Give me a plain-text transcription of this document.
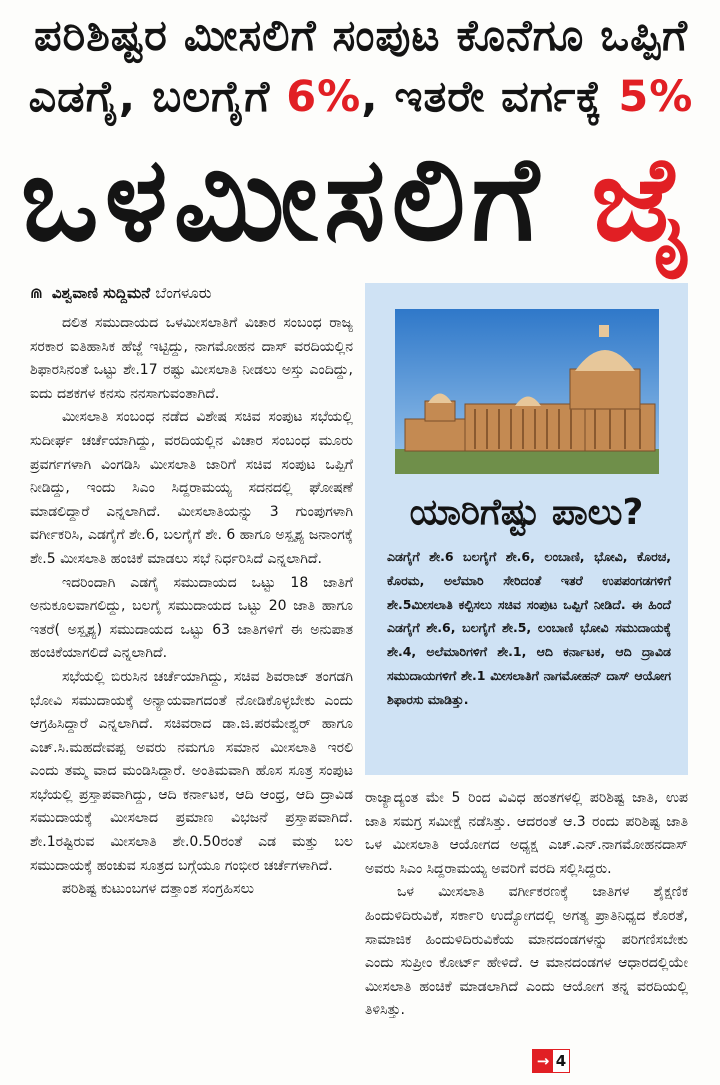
ಪರಿಶಿಷ್ಟರ ಮೀಸಲಿಗೆ ಸಂಪುಟ ಕೊನೆಗೂ ಒಪ್ಪಿಗೆ
ಎಡಗೈ, ಬಲಗೈಗೆ 6%, ಇತರೇ ವರ್ಗಕ್ಕೆ 5%
ಒಳಮೀಸಲಿಗೆ ಜೈ
⋒ ವಿಶ್ವವಾಣಿ ಸುದ್ದಿಮನೆ ಬೆಂಗಳೂರು

ದಲಿತ ಸಮುದಾಯದ ಒಳಮೀಸಲಾತಿಗೆ ವಿಚಾರ ಸಂಬಂಧ ರಾಜ್ಯ ಸರಕಾರ ಐತಿಹಾಸಿಕ ಹೆಜ್ಜೆ ಇಟ್ಟಿದ್ದು, ನಾಗಮೋಹನ ದಾಸ್ ವರದಿಯಲ್ಲಿನ ಶಿಫಾರಸಿನಂತೆ ಒಟ್ಟು ಶೇ.17 ರಷ್ಟು ಮೀಸಲಾತಿ ನೀಡಲು ಅಸ್ತು ಎಂದಿದ್ದು, ಐದು ದಶಕಗಳ ಕನಸು ನನಸಾಗುವಂತಾಗಿದೆ.

ಮೀಸಲಾತಿ ಸಂಬಂಧ ನಡೆದ ವಿಶೇಷ ಸಚಿವ ಸಂಪುಟ ಸಭೆಯಲ್ಲಿ ಸುದೀರ್ಘ ಚರ್ಚೆಯಾಗಿದ್ದು, ವರದಿಯಲ್ಲಿನ ವಿಚಾರ ಸಂಬಂಧ ಮೂರು ಪ್ರವರ್ಗಗಳಾಗಿ ವಿಂಗಡಿಸಿ ಮೀಸಲಾತಿ ಜಾರಿಗೆ ಸಚಿವ ಸಂಪುಟ ಒಪ್ಪಿಗೆ ನೀಡಿದ್ದು, ಇಂದು ಸಿಎಂ ಸಿದ್ದರಾಮಯ್ಯ ಸದನದಲ್ಲಿ ಘೋಷಣೆ ಮಾಡಲಿದ್ದಾರೆ ಎನ್ನಲಾಗಿದೆ. ಮೀಸಲಾತಿಯನ್ನು 3 ಗುಂಪುಗಳಾಗಿ ವರ್ಗೀಕರಿಸಿ, ಎಡಗೈಗೆ ಶೇ.6, ಬಲಗೈಗೆ ಶೇ. 6 ಹಾಗೂ ಅಸ್ಪೃಶ್ಯ ಜನಾಂಗಕ್ಕೆ ಶೇ.5 ಮೀಸಲಾತಿ ಹಂಚಿಕೆ ಮಾಡಲು ಸಭೆ ನಿರ್ಧರಿಸಿದೆ ಎನ್ನಲಾಗಿದೆ.

ಇದರಿಂದಾಗಿ ಎಡಗೈ ಸಮುದಾಯದ ಒಟ್ಟು 18 ಜಾತಿಗೆ ಅನುಕೂಲವಾಗಲಿದ್ದು, ಬಲಗೈ ಸಮುದಾಯದ ಒಟ್ಟು 20 ಜಾತಿ ಹಾಗೂ ಇತರೆ( ಅಸ್ಪೃಶ್ಯ) ಸಮುದಾಯದ ಒಟ್ಟು 63 ಜಾತಿಗಳಿಗೆ ಈ ಅನುಪಾತ ಹಂಚಿಕೆಯಾಗಲಿದೆ ಎನ್ನಲಾಗಿದೆ.

ಸಭೆಯಲ್ಲಿ ಬಿರುಸಿನ ಚರ್ಚೆಯಾಗಿದ್ದು, ಸಚಿವ ಶಿವರಾಜ್ ತಂಗಡಗಿ ಭೋವಿ ಸಮುದಾಯಕ್ಕೆ ಅನ್ಯಾಯವಾಗದಂತೆ ನೋಡಿಕೊಳ್ಳಬೇಕು ಎಂದು ಆಗ್ರಹಿಸಿದ್ದಾರೆ ಎನ್ನಲಾಗಿದೆ. ಸಚಿವರಾದ ಡಾ.ಜಿ.ಪರಮೇಶ್ವರ್ ಹಾಗೂ ಎಚ್.ಸಿ.ಮಹದೇವಪ್ಪ ಅವರು ನಮಗೂ ಸಮಾನ ಮೀಸಲಾತಿ ಇರಲಿ ಎಂದು ತಮ್ಮ ವಾದ ಮಂಡಿಸಿದ್ದಾರೆ. ಅಂತಿಮವಾಗಿ ಹೊಸ ಸೂತ್ರ ಸಂಪುಟ ಸಭೆಯಲ್ಲಿ ಪ್ರಸ್ತಾಪವಾಗಿದ್ದು, ಆದಿ ಕರ್ನಾಟಕ, ಆದಿ ಆಂಧ್ರ, ಆದಿ ದ್ರಾವಿಡ ಸಮುದಾಯಕ್ಕೆ ಮೀಸಲಾದ ಪ್ರಮಾಣ ವಿಭಜನೆ ಪ್ರಸ್ತಾಪವಾಗಿದೆ. ಶೇ.1ರಷ್ಟಿರುವ ಮೀಸಲಾತಿ ಶೇ.0.50ರಂತೆ ಎಡ ಮತ್ತು ಬಲ ಸಮುದಾಯಕ್ಕೆ ಹಂಚುವ ಸೂತ್ರದ ಬಗ್ಗೆಯೂ ಗಂಭೀರ ಚರ್ಚೆಗಳಾಗಿದೆ.

ಪರಿಶಿಷ್ಟ ಕುಟುಂಬಗಳ ದತ್ತಾಂಶ ಸಂಗ್ರಹಿಸಲು

ಯಾರಿಗೆಷ್ಟು ಪಾಲು?
ಎಡಗೈಗೆ ಶೇ.6 ಬಲಗೈಗೆ ಶೇ.6, ಲಂಬಾಣಿ, ಭೋವಿ, ಕೊರಚ, ಕೊರಮ, ಅಲೆಮಾರಿ ಸೇರಿದಂತೆ ಇತರೆ ಉಪಪಂಗಡಗಳಿಗೆ ಶೇ.5ಮೀಸಲಾತಿ ಕಲ್ಪಿಸಲು ಸಚಿವ ಸಂಪುಟ ಒಪ್ಪಿಗೆ ನೀಡಿದೆ. ಈ ಹಿಂದೆ ಎಡಗೈಗೆ ಶೇ.6, ಬಲಗೈಗೆ ಶೇ.5, ಲಂಬಾಣಿ ಭೋವಿ ಸಮುದಾಯಕ್ಕೆ ಶೇ.4, ಅಲೆಮಾರಿಗಳಿಗೆ ಶೇ.1, ಆದಿ ಕರ್ನಾಟಕ, ಆದಿ ದ್ರಾವಿಡ ಸಮುದಾಯಗಳಿಗೆ ಶೇ.1 ಮೀಸಲಾತಿಗೆ ನಾಗಮೋಹನ್ ದಾಸ್ ಆಯೋಗ ಶಿಫಾರಸು ಮಾಡಿತ್ತು.

ರಾಜ್ಯಾದ್ಯಂತ ಮೇ 5 ರಿಂದ ವಿವಿಧ ಹಂತಗಳಲ್ಲಿ ಪರಿಶಿಷ್ಟ ಜಾತಿ, ಉಪ ಜಾತಿ ಸಮಗ್ರ ಸಮೀಕ್ಷೆ ನಡೆಸಿತ್ತು. ಆದರಂತೆ ಆ.3 ರಂದು ಪರಿಶಿಷ್ಟ ಜಾತಿ ಒಳ ಮೀಸಲಾತಿ ಆಯೋಗದ ಅಧ್ಯಕ್ಷ ಎಚ್.ಎನ್.ನಾಗಮೋಹನದಾಸ್ ಅವರು ಸಿಎಂ ಸಿದ್ದರಾಮಯ್ಯ ಅವರಿಗೆ ವರದಿ ಸಲ್ಲಿಸಿದ್ದರು.

ಒಳ ಮೀಸಲಾತಿ ವರ್ಗೀಕರಣಕ್ಕೆ ಜಾತಿಗಳ ಶೈಕ್ಷಣಿಕ ಹಿಂದುಳಿದಿರುವಿಕೆ, ಸರ್ಕಾರಿ ಉದ್ಯೋಗದಲ್ಲಿ ಅಗತ್ಯ ಪ್ರಾತಿನಿಧ್ಯದ ಕೊರತೆ, ಸಾಮಾಜಿಕ ಹಿಂದುಳಿದಿರುವಿಕೆಯ ಮಾನದಂಡಗಳನ್ನು ಪರಿಗಣಿಸಬೇಕು ಎಂದು ಸುಪ್ರೀಂ ಕೋರ್ಟ್ ಹೇಳಿದೆ. ಆ ಮಾನದಂಡಗಳ ಆಧಾರದಲ್ಲಿಯೇ ಮೀಸಲಾತಿ ಹಂಚಿಕೆ ಮಾಡಲಾಗಿದೆ ಎಂದು ಆಯೋಗ ತನ್ನ ವರದಿಯಲ್ಲಿ ತಿಳಿಸಿತ್ತು.

→ 4
